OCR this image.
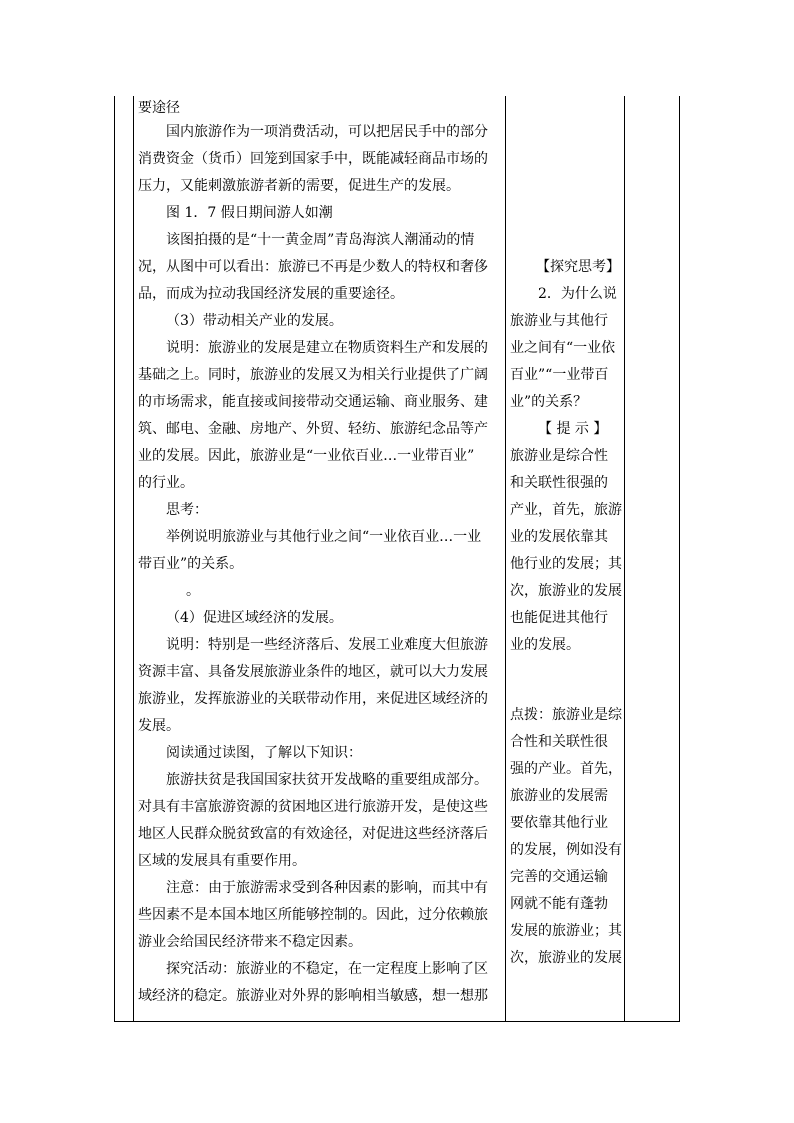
要途径
国内旅游作为一项消费活动，可以把居民手中的部分
消费资金（货币）回笼到国家手中，既能减轻商品市场的
压力，又能刺激旅游者新的需要，促进生产的发展。
图 1．7 假日期间游人如潮
该图拍摄的是“十一黄金周”青岛海滨人潮涌动的情
况，从图中可以看出：旅游已不再是少数人的特权和奢侈
品，而成为拉动我国经济发展的重要途径。
（3）带动相关产业的发展。
说明：旅游业的发展是建立在物质资料生产和发展的
基础之上。同时，旅游业的发展又为相关行业提供了广阔
的市场需求，能直接或间接带动交通运输、商业服务、建
筑、邮电、金融、房地产、外贸、轻纺、旅游纪念品等产
业的发展。因此，旅游业是“一业依百业…一业带百业”
的行业。
思考：
举例说明旅游业与其他行业之间“一业依百业…一业
带百业”的关系。
。
（4）促进区域经济的发展。
说明：特别是一些经济落后、发展工业难度大但旅游
资源丰富、具备发展旅游业条件的地区，就可以大力发展
旅游业，发挥旅游业的关联带动作用，来促进区域经济的
发展。
阅读通过读图，了解以下知识：
旅游扶贫是我国国家扶贫开发战略的重要组成部分。
对具有丰富旅游资源的贫困地区进行旅游开发，是使这些
地区人民群众脱贫致富的有效途径，对促进这些经济落后
区域的发展具有重要作用。
注意：由于旅游需求受到各种因素的影响，而其中有
些因素不是本国本地区所能够控制的。因此，过分依赖旅
游业会给国民经济带来不稳定因素。
探究活动：旅游业的不稳定，在一定程度上影响了区
域经济的稳定。旅游业对外界的影响相当敏感，想一想那
【探究思考】
2．为什么说
旅游业与其他行
业之间有“一业依
百业”“一业带百
业”的关系？
【 提 示 】
旅游业是综合性
和关联性很强的
产业，首先，旅游
业的发展依靠其
他行业的发展；其
次，旅游业的发展
也能促进其他行
业的发展。
点拨：旅游业是综
合性和关联性很
强的产业。首先，
旅游业的发展需
要依靠其他行业
的发展，例如没有
完善的交通运输
网就不能有蓬勃
发展的旅游业；其
次，旅游业的发展
